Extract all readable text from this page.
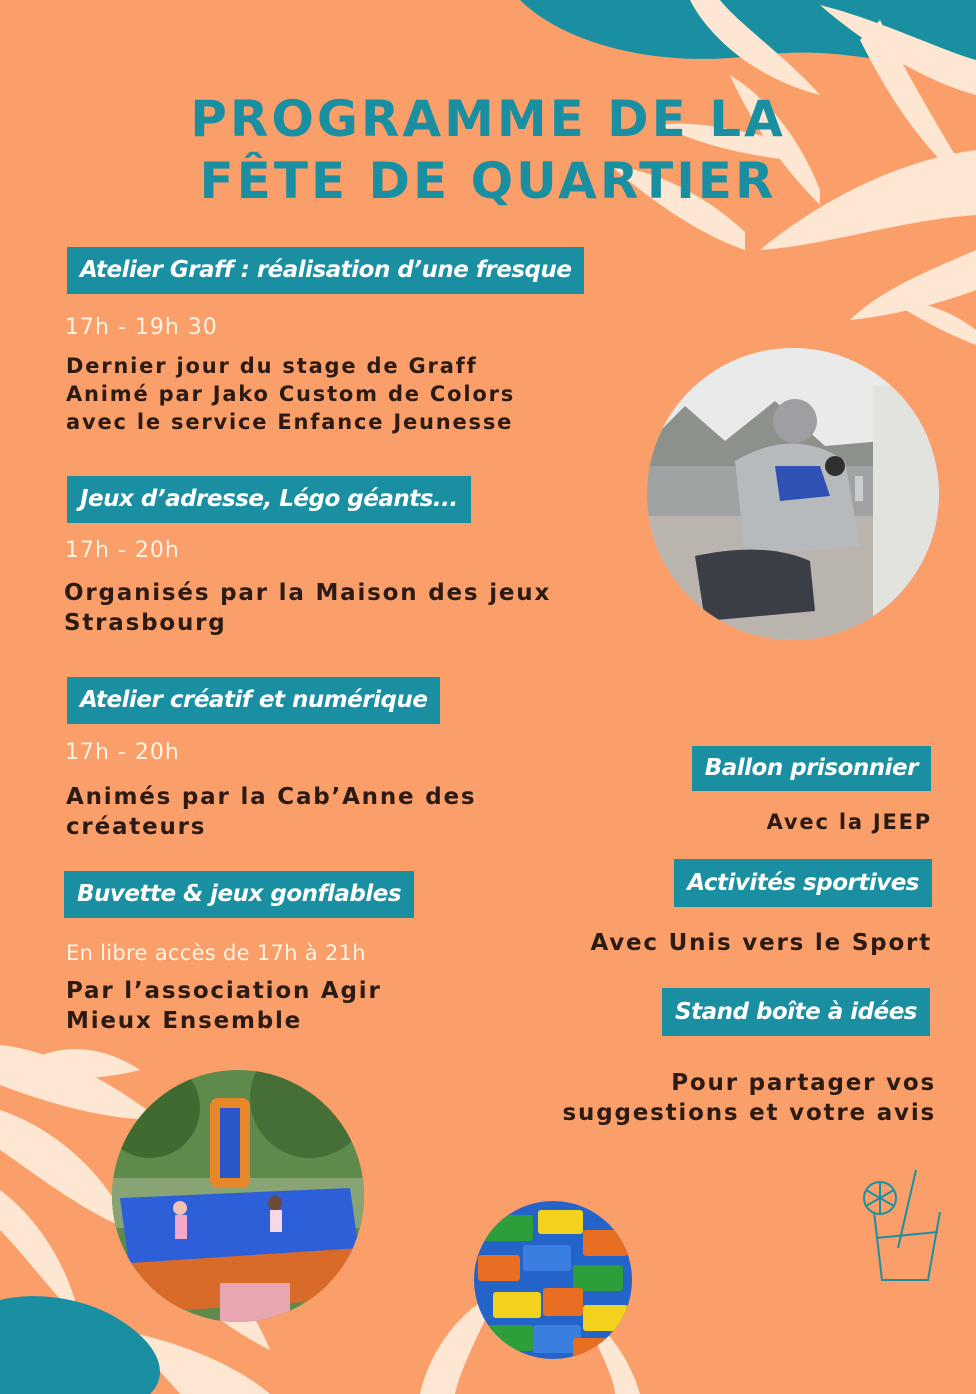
PROGRAMME DE LA
FÊTE DE QUARTIER
Atelier Graff : réalisation d’une fresque
17h - 19h 30

Dernier jour du stage de Graff
Animé par Jako Custom de Colors
avec le service Enfance Jeunesse

Jeux d’adresse, Légo géants...
17h - 20h

Organisés par la Maison des jeux
Strasbourg

Atelier créatif et numérique
17h - 20h

Animés par la Cab’Anne des
créateurs

Buvette & jeux gonflables
En libre accès de 17h à 21h

Par l’association Agir
Mieux Ensemble

Ballon prisonnier

Avec la JEEP

Activités sportives

Avec Unis vers le Sport

Stand boîte à idées

Pour partager vos
suggestions et votre avis
